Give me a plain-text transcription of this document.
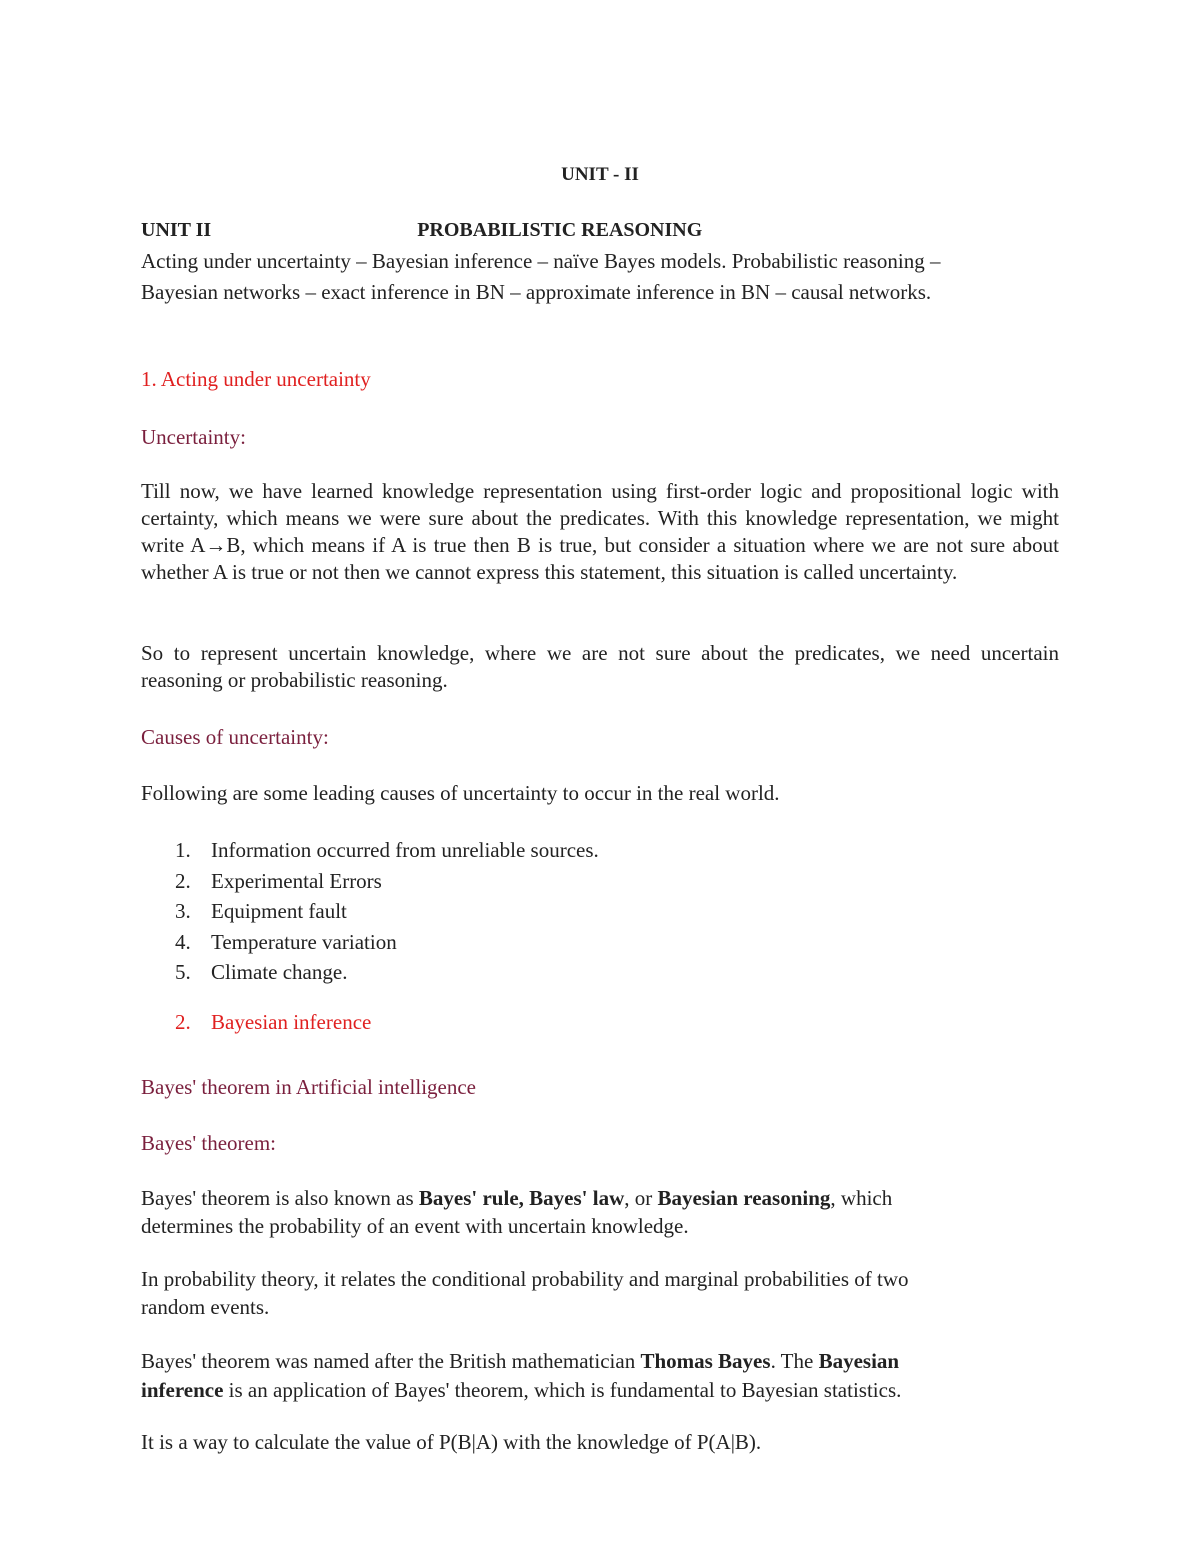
UNIT - II

UNIT II	PROBABILISTIC REASONING

Acting under uncertainty – Bayesian inference – naïve Bayes models. Probabilistic reasoning –
Bayesian networks – exact inference in BN – approximate inference in BN – causal networks.

1. Acting under uncertainty

Uncertainty:

Till now, we have learned knowledge representation using first-order logic and propositional logic with certainty, which means we were sure about the predicates. With this knowledge representation, we might write A→B, which means if A is true then B is true, but consider a situation where we are not sure about whether A is true or not then we cannot express this statement, this situation is called uncertainty.

So to represent uncertain knowledge, where we are not sure about the predicates, we need uncertain reasoning or probabilistic reasoning.

Causes of uncertainty:

Following are some leading causes of uncertainty to occur in the real world.

1. Information occurred from unreliable sources.
2. Experimental Errors
3. Equipment fault
4. Temperature variation
5. Climate change.

2. Bayesian inference

Bayes' theorem in Artificial intelligence

Bayes' theorem:

Bayes' theorem is also known as Bayes' rule, Bayes' law, or Bayesian reasoning, which
determines the probability of an event with uncertain knowledge.

In probability theory, it relates the conditional probability and marginal probabilities of two
random events.

Bayes' theorem was named after the British mathematician Thomas Bayes. The Bayesian
inference is an application of Bayes' theorem, which is fundamental to Bayesian statistics.

It is a way to calculate the value of P(B|A) with the knowledge of P(A|B).
